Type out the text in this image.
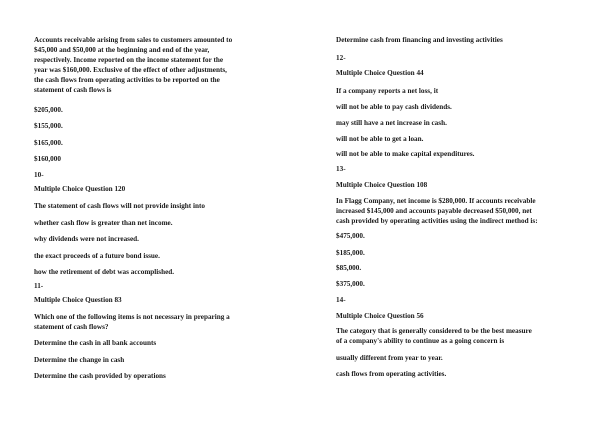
Accounts receivable arising from sales to customers amounted to
$45,000 and $50,000 at the beginning and end of the year,
respectively. Income reported on the income statement for the
year was $160,000. Exclusive of the effect of other adjustments,
the cash flows from operating activities to be reported on the
statement of cash flows is

$205,000.

$155,000.

$165,000.

$160,000

10-

Multiple Choice Question 120

The statement of cash flows will not provide insight into

whether cash flow is greater than net income.

why dividends were not increased.

the exact proceeds of a future bond issue.

how the retirement of debt was accomplished.

11-

Multiple Choice Question 83

Which one of the following items is not necessary in preparing a
statement of cash flows?

Determine the cash in all bank accounts

Determine the change in cash

Determine the cash provided by operations

Determine cash from financing and investing activities

12-

Multiple Choice Question 44

If a company reports a net loss, it

will not be able to pay cash dividends.

may still have a net increase in cash.

will not be able to get a loan.

will not be able to make capital expenditures.

13-

Multiple Choice Question 108

In Flagg Company, net income is $280,000. If accounts receivable
increased $145,000 and accounts payable decreased $50,000, net
cash provided by operating activities using the indirect method is:

$475,000.

$185,000.

$85,000.

$375,000.

14-

Multiple Choice Question 56

The category that is generally considered to be the best measure
of a company's ability to continue as a going concern is

usually different from year to year.

cash flows from operating activities.
